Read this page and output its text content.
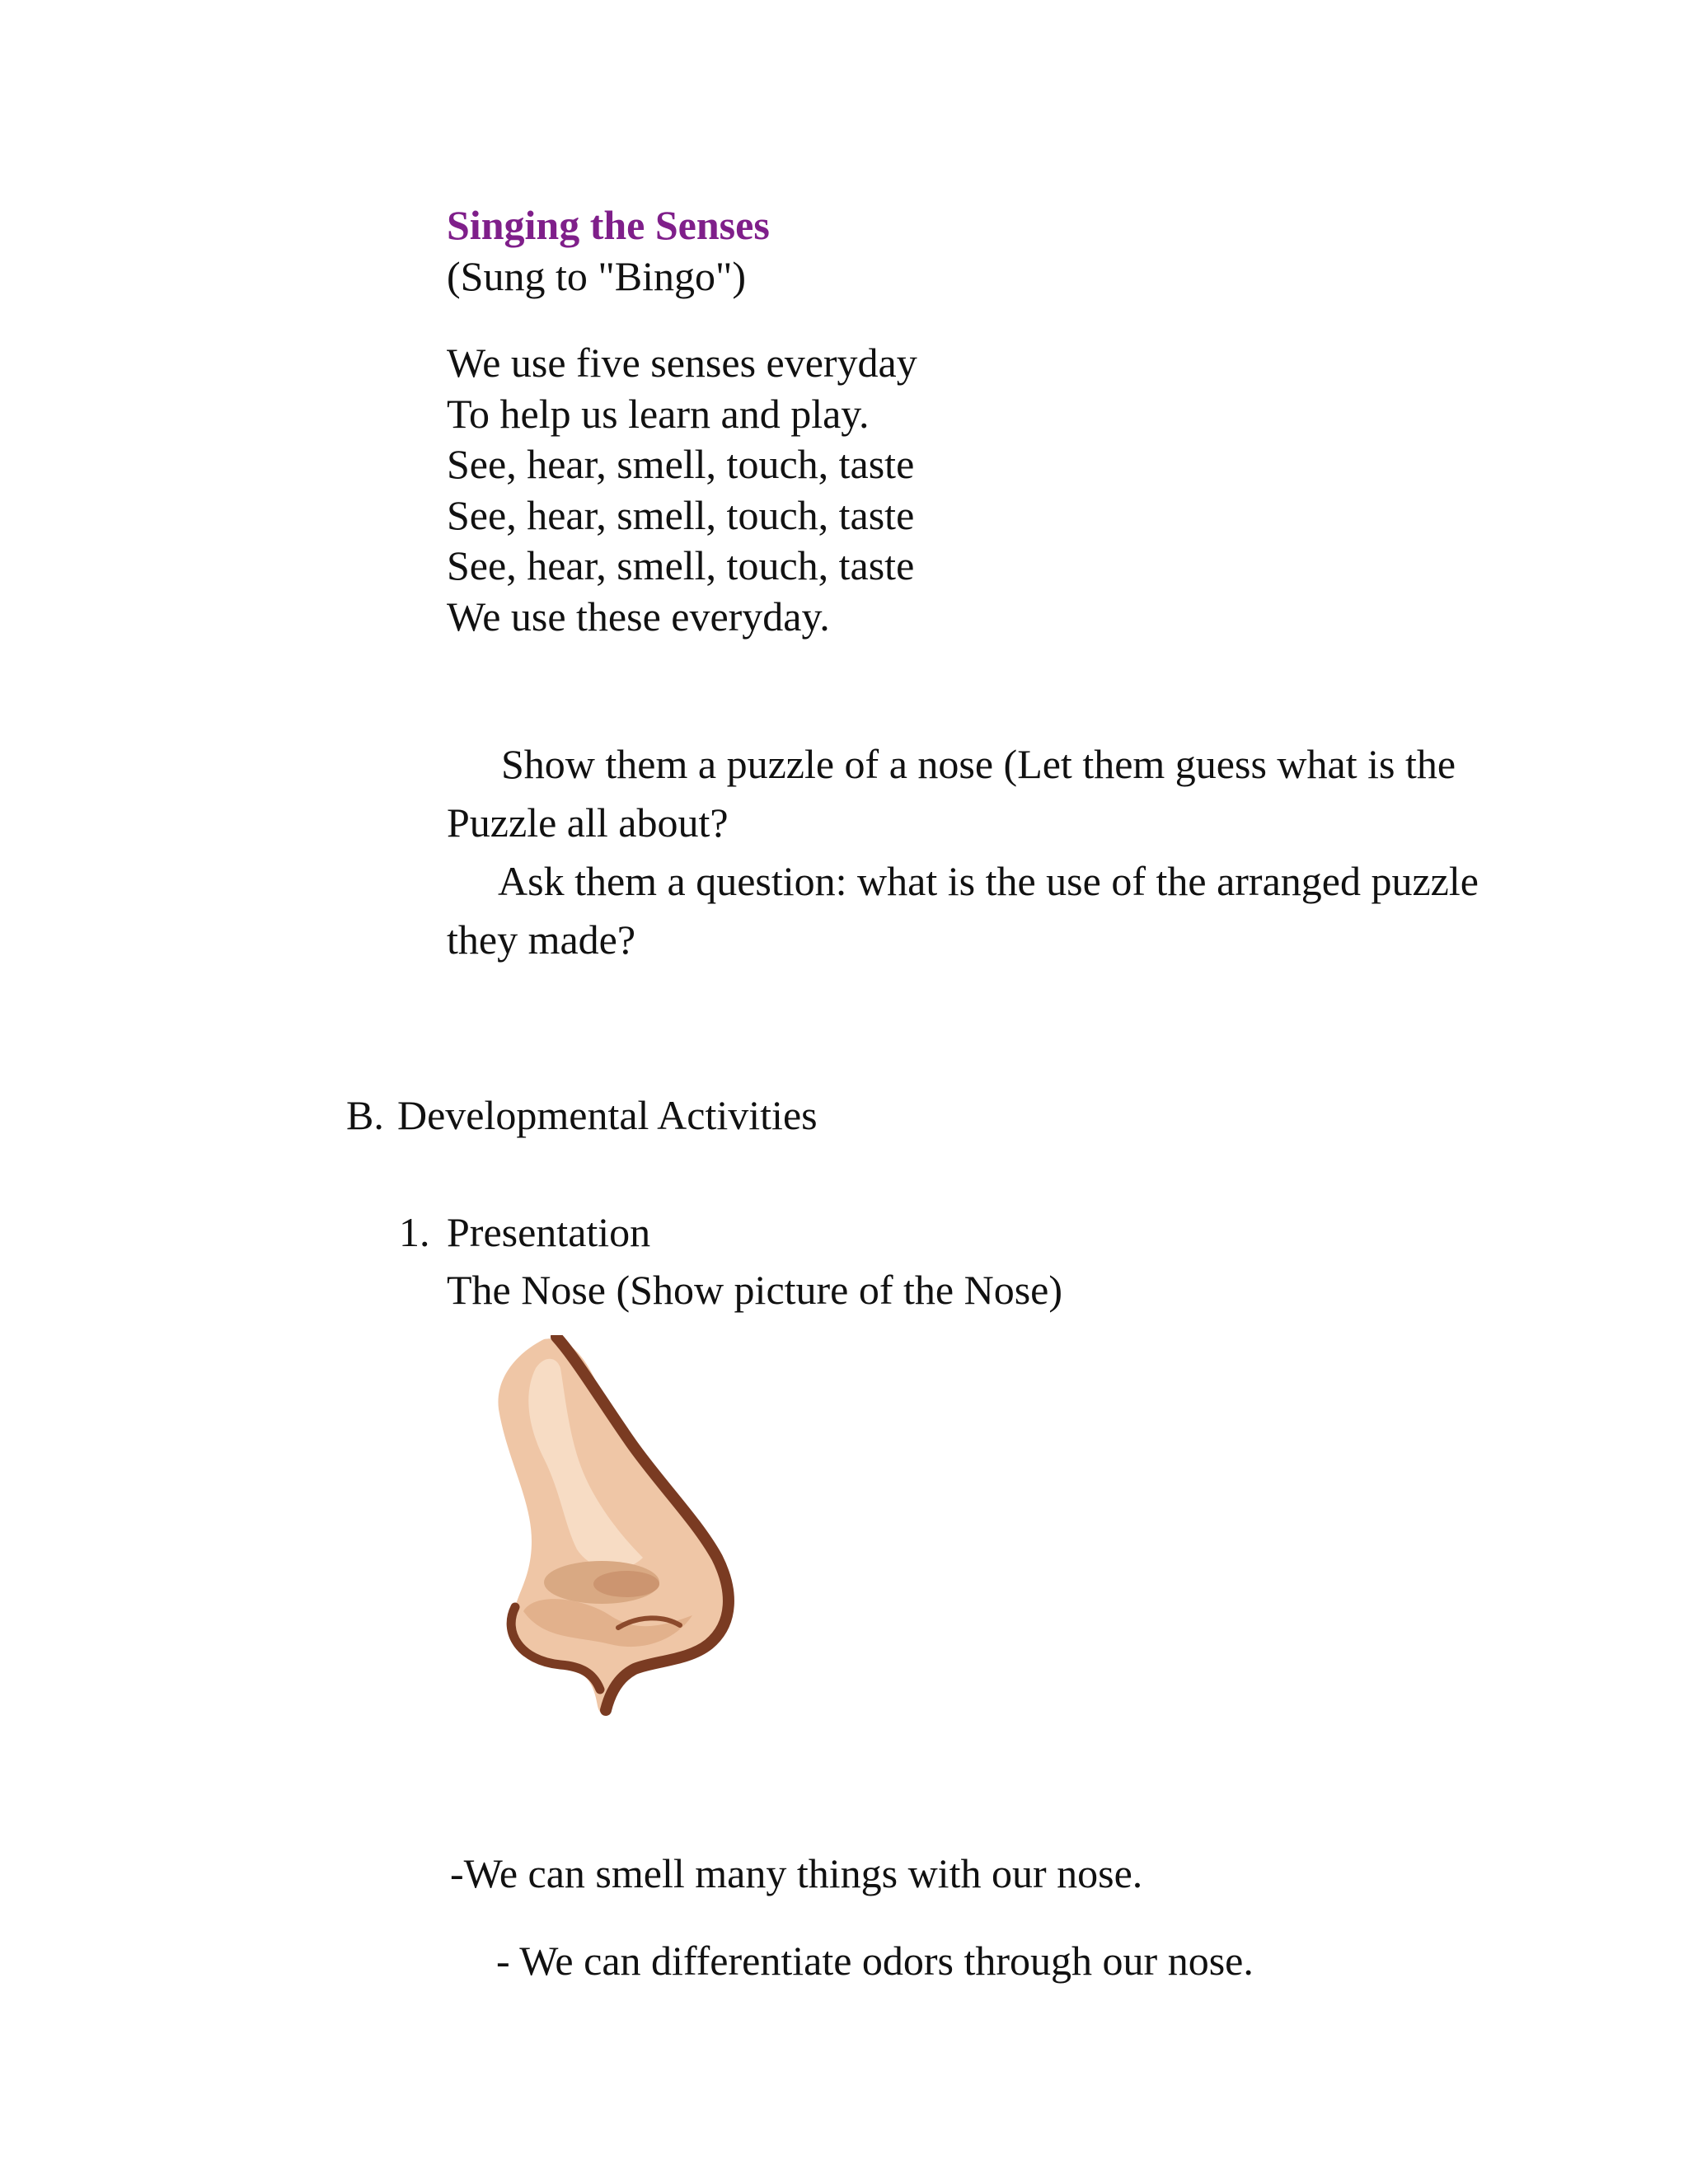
Singing the Senses

(Sung to "Bingo")

We use five senses everyday

To help us learn and play.

See, hear, smell, touch, taste

See, hear, smell, touch, taste

See, hear, smell, touch, taste

We use these everyday.

Show them a puzzle of a nose (Let them guess what is the Puzzle all about?

Ask them a question: what is the use of the arranged puzzle they made?

B. Developmental Activities
1. Presentation
The Nose (Show picture of the Nose)
-We can smell many things with our nose.
- We can differentiate odors through our nose.
